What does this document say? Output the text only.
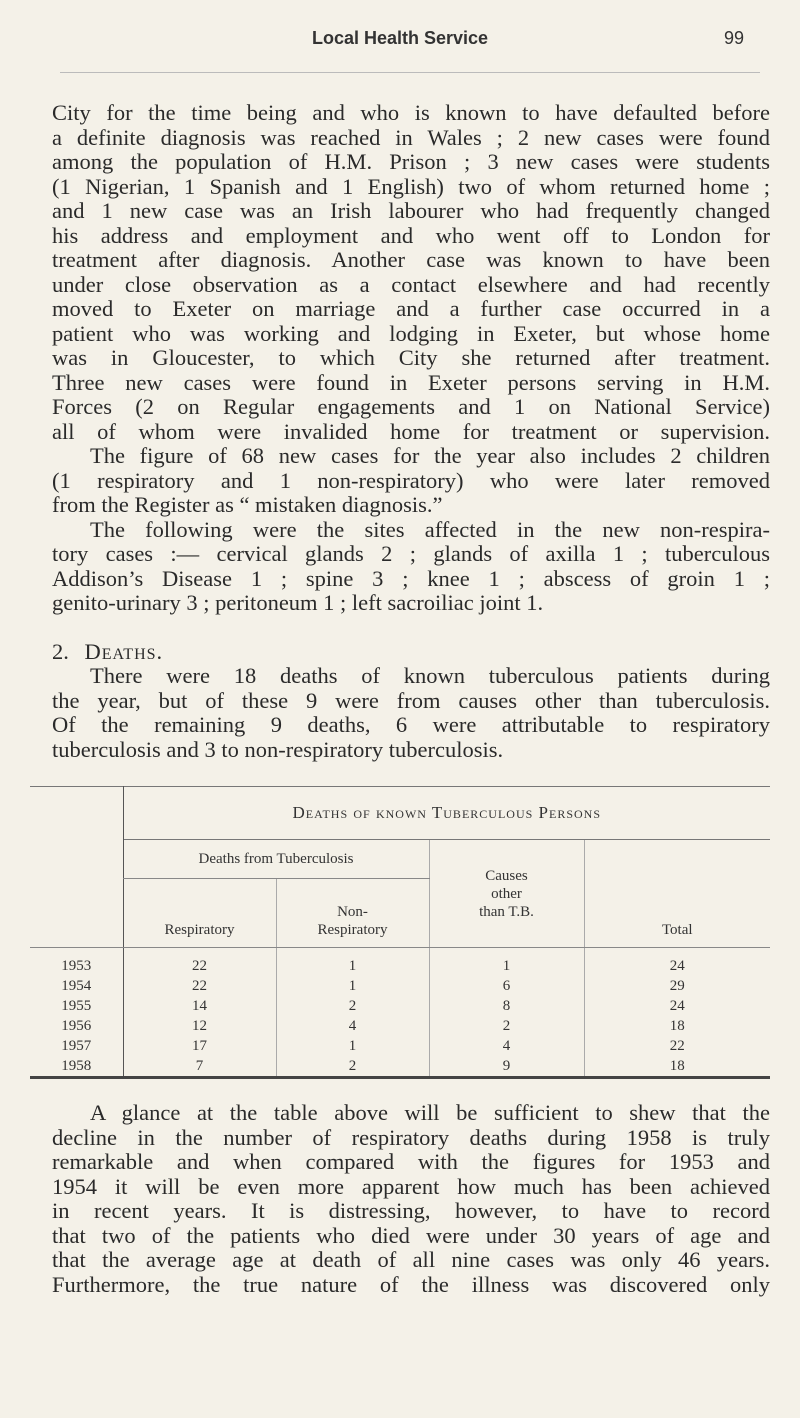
Local Health Service	99
City for the time being and who is known to have defaulted before
a definite diagnosis was reached in Wales ; 2 new cases were found
among the population of H.M. Prison ; 3 new cases were students
(1 Nigerian, 1 Spanish and 1 English) two of whom returned home ;
and 1 new case was an Irish labourer who had frequently changed
his address and employment and who went off to London for
treatment after diagnosis. Another case was known to have been
under close observation as a contact elsewhere and had recently
moved to Exeter on marriage and a further case occurred in a
patient who was working and lodging in Exeter, but whose home
was in Gloucester, to which City she returned after treatment.
Three new cases were found in Exeter persons serving in H.M.
Forces (2 on Regular engagements and 1 on National Service)
all of whom were invalided home for treatment or supervision.
The figure of 68 new cases for the year also includes 2 children
(1 respiratory and 1 non-respiratory) who were later removed
from the Register as “ mistaken diagnosis.”
The following were the sites affected in the new non-respira-
tory cases :— cervical glands 2 ; glands of axilla 1 ; tuberculous
Addison’s Disease 1 ; spine 3 ; knee 1 ; abscess of groin 1 ;
genito-urinary 3 ; peritoneum 1 ; left sacroiliac joint 1.
2. Deaths.
There were 18 deaths of known tuberculous patients during
the year, but of these 9 were from causes other than tuberculosis.
Of the remaining 9 deaths, 6 were attributable to respiratory
tuberculosis and 3 to non-respiratory tuberculosis.
	Deaths of known Tuberculous Persons			
	Deaths from Tuberculosis		Causes
other
than T.B.	Total
	Respiratory	Non-
Respiratory		

1953	22	1	1	24
1954	22	1	6	29
1955	14	2	8	24
1956	12	4	2	18
1957	17	1	4	22
1958	7	2	9	18
A glance at the table above will be sufficient to shew that the
decline in the number of respiratory deaths during 1958 is truly
remarkable and when compared with the figures for 1953 and
1954 it will be even more apparent how much has been achieved
in recent years. It is distressing, however, to have to record
that two of the patients who died were under 30 years of age and
that the average age at death of all nine cases was only 46 years.
Furthermore, the true nature of the illness was discovered only
